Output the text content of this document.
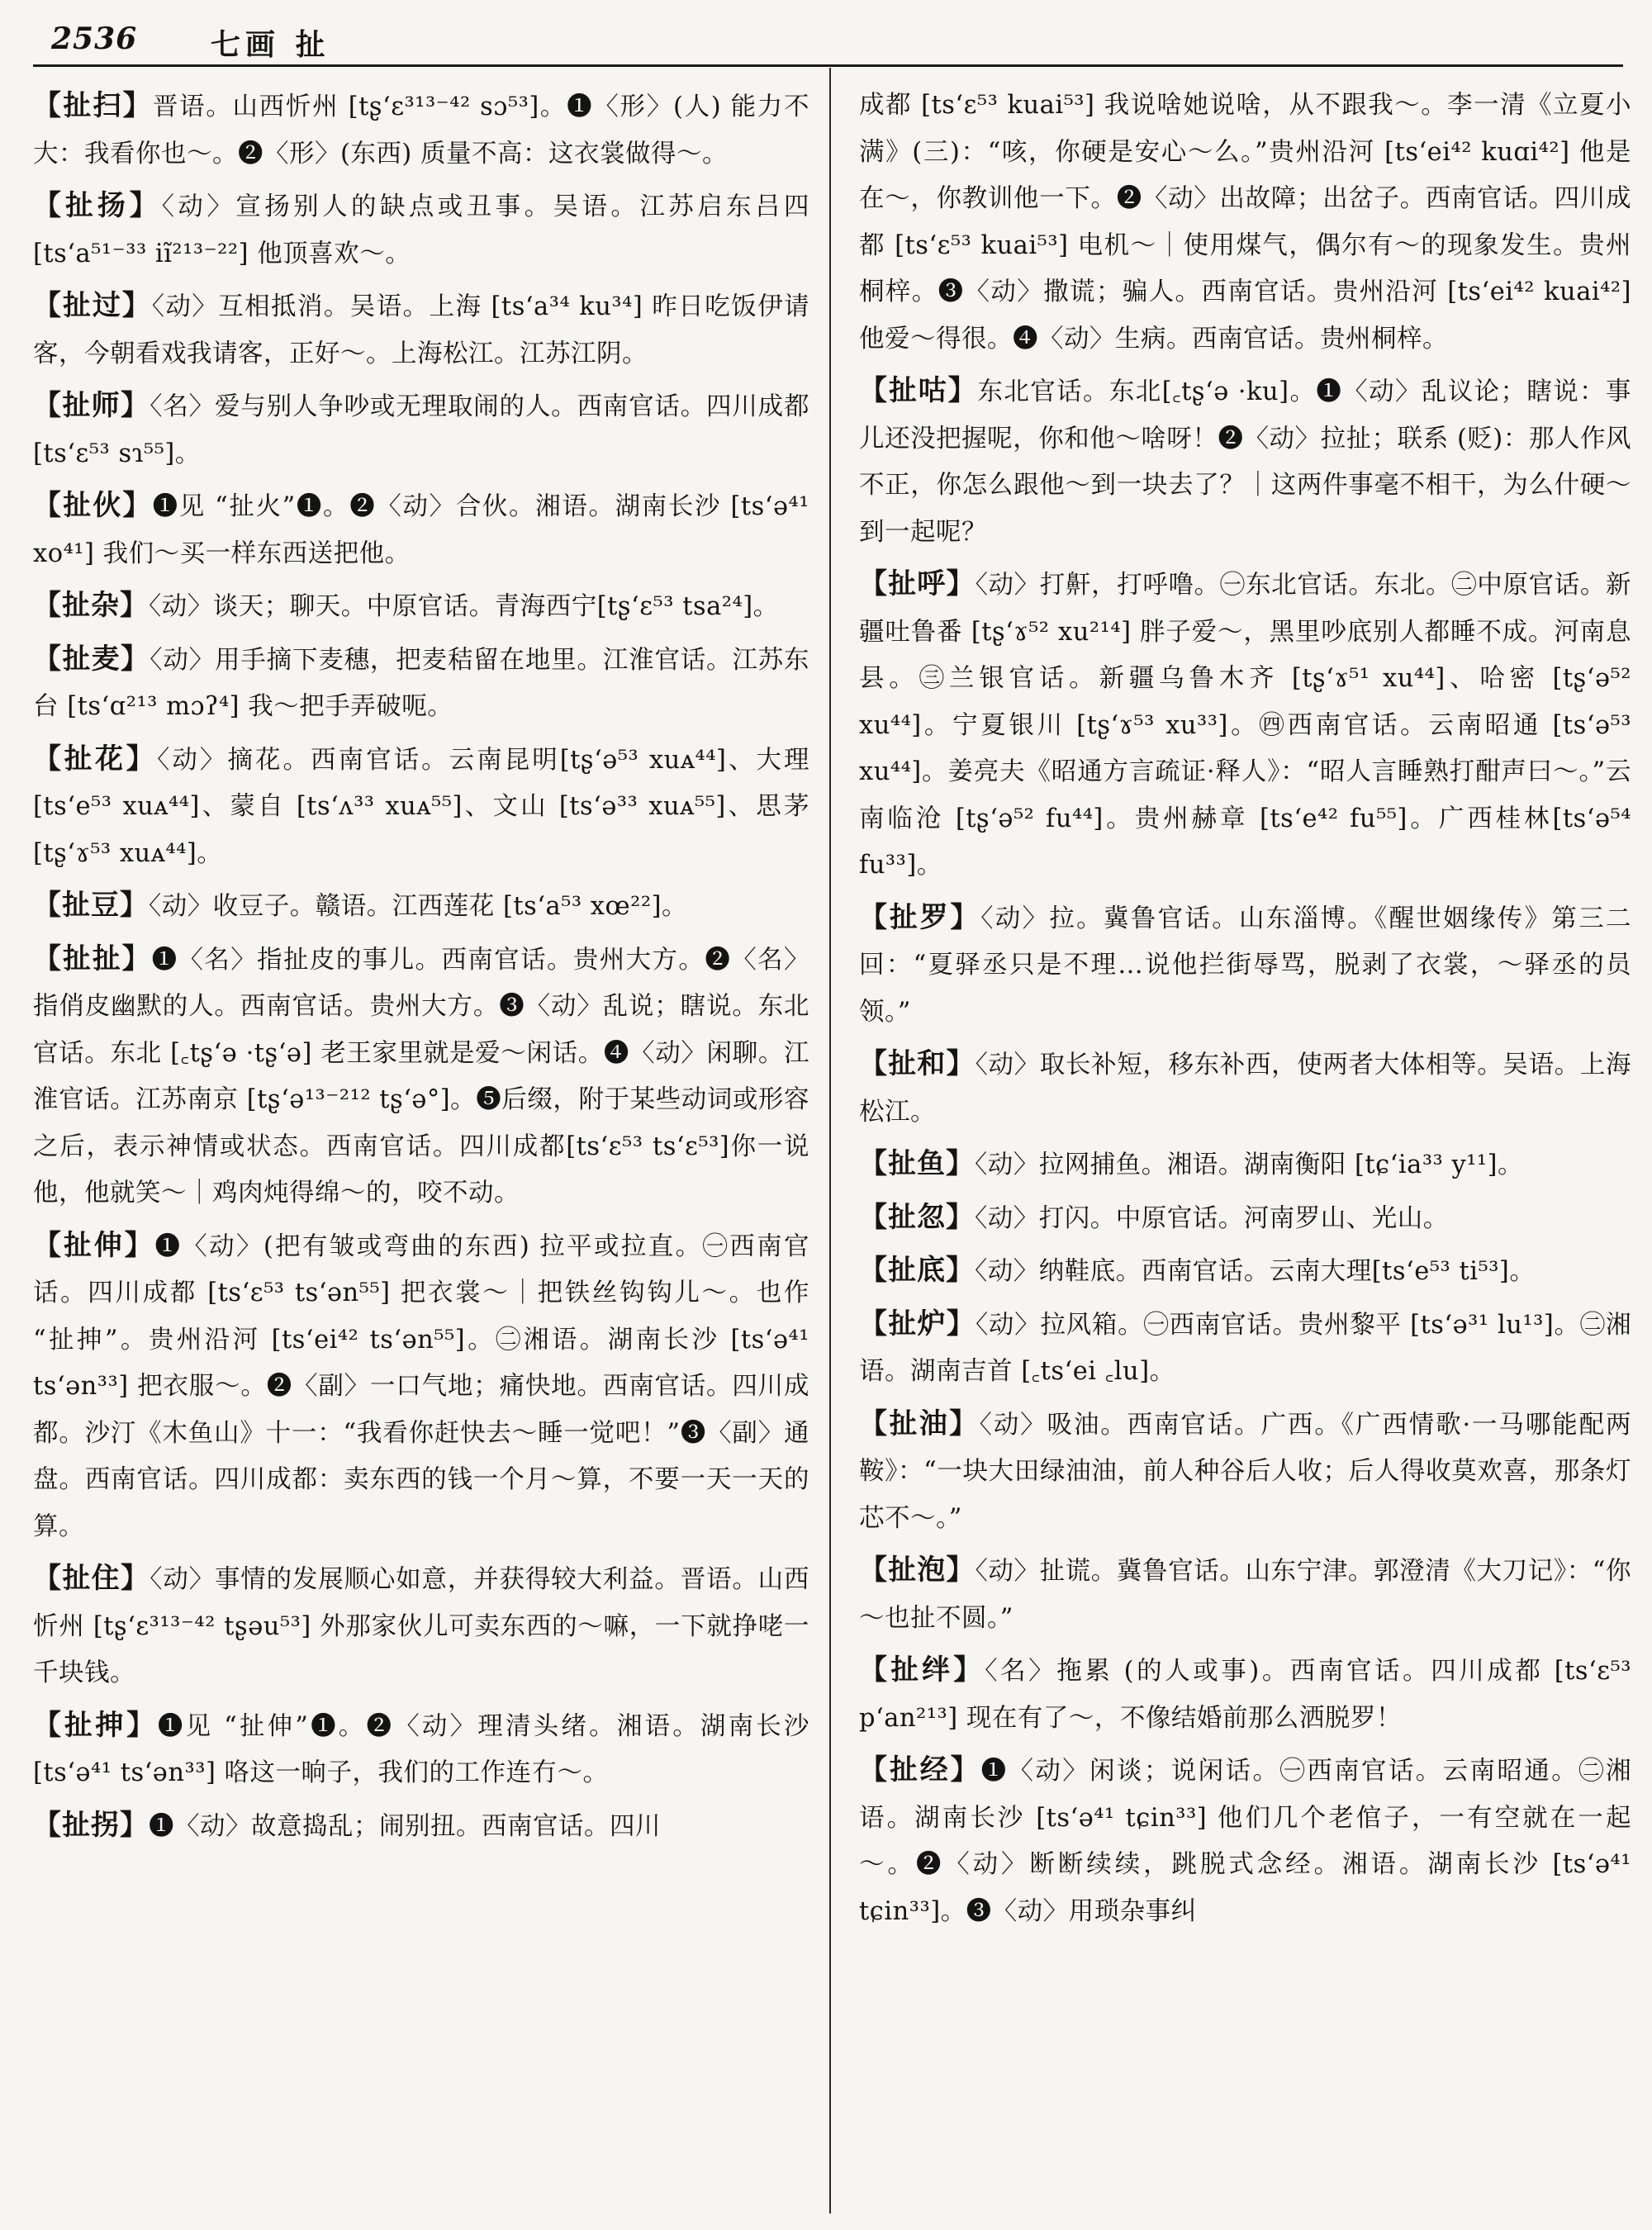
2536 七画 扯

【扯扫】晋语。山西忻州 [tʂʻɛ³¹³⁻⁴² sɔ⁵³]。❶〈形〉(人) 能力不大：我看你也～。❷〈形〉(东西) 质量不高：这衣裳做得～。

【扯扬】〈动〉宣扬别人的缺点或丑事。吴语。江苏启东吕四 [tsʻa⁵¹⁻³³ iĩ²¹³⁻²²] 他顶喜欢～。

【扯过】〈动〉互相抵消。吴语。上海 [tsʻa³⁴ ku³⁴] 昨日吃饭伊请客，今朝看戏我请客，正好～。上海松江。江苏江阴。

【扯师】〈名〉爱与别人争吵或无理取闹的人。西南官话。四川成都 [tsʻɛ⁵³ sɿ⁵⁵]。

【扯伙】❶见 “扯火”❶。❷〈动〉合伙。湘语。湖南长沙 [tsʻə⁴¹ xo⁴¹] 我们～买一样东西送把他。

【扯杂】〈动〉谈天；聊天。中原官话。青海西宁[tʂʻɛ⁵³ tsa²⁴]。

【扯麦】〈动〉用手摘下麦穗，把麦秸留在地里。江淮官话。江苏东台 [tsʻɑ²¹³ mɔʔ⁴] 我～把手弄破呃。

【扯花】〈动〉摘花。西南官话。云南昆明[tʂʻə⁵³ xuᴀ⁴⁴]、大理 [tsʻe⁵³ xuᴀ⁴⁴]、蒙自 [tsʻʌ³³ xuᴀ⁵⁵]、文山 [tsʻə³³ xuᴀ⁵⁵]、思茅 [tʂʻɤ⁵³ xuᴀ⁴⁴]。

【扯豆】〈动〉收豆子。赣语。江西莲花 [tsʻa⁵³ xœ²²]。

【扯扯】❶〈名〉指扯皮的事儿。西南官话。贵州大方。❷〈名〉指俏皮幽默的人。西南官话。贵州大方。❸〈动〉乱说；瞎说。东北官话。东北 [꜀tʂʻə ·tʂʻə] 老王家里就是爱～闲话。❹〈动〉闲聊。江淮官话。江苏南京 [tʂʻə¹³⁻²¹² tʂʻə°]。❺后缀，附于某些动词或形容之后，表示神情或状态。西南官话。四川成都[tsʻɛ⁵³ tsʻɛ⁵³]你一说他，他就笑～｜鸡肉炖得绵～的，咬不动。

【扯伸】❶〈动〉(把有皱或弯曲的东西) 拉平或拉直。㊀西南官话。四川成都 [tsʻɛ⁵³ tsʻən⁵⁵] 把衣裳～｜把铁丝钩钩儿～。也作 “扯抻”。贵州沿河 [tsʻei⁴² tsʻən⁵⁵]。㊁湘语。湖南长沙 [tsʻə⁴¹ tsʻən³³] 把衣服～。❷〈副〉一口气地；痛快地。西南官话。四川成都。沙汀《木鱼山》十一：“我看你赶快去～睡一觉吧！”❸〈副〉通盘。西南官话。四川成都：卖东西的钱一个月～算，不要一天一天的算。

【扯住】〈动〉事情的发展顺心如意，并获得较大利益。晋语。山西忻州 [tʂʻɛ³¹³⁻⁴² tʂəu⁵³] 外那家伙儿可卖东西的～嘛，一下就挣咾一千块钱。

【扯抻】❶见 “扯伸”❶。❷〈动〉理清头绪。湘语。湖南长沙 [tsʻə⁴¹ tsʻən³³] 咯这一晌子，我们的工作连冇～。

【扯拐】❶〈动〉故意捣乱；闹别扭。西南官话。四川

成都 [tsʻɛ⁵³ kuai⁵³] 我说啥她说啥，从不跟我～。李一清《立夏小满》(三)：“咳，你硬是安心～么。”贵州沿河 [tsʻei⁴² kuɑi⁴²] 他是在～，你教训他一下。❷〈动〉出故障；出岔子。西南官话。四川成都 [tsʻɛ⁵³ kuai⁵³] 电机～｜使用煤气，偶尔有～的现象发生。贵州桐梓。❸〈动〉撒谎；骗人。西南官话。贵州沿河 [tsʻei⁴² kuai⁴²] 他爱～得很。❹〈动〉生病。西南官话。贵州桐梓。

【扯咕】东北官话。东北[꜀tʂʻə ·ku]。❶〈动〉乱议论；瞎说：事儿还没把握呢，你和他～啥呀！❷〈动〉拉扯；联系 (贬)：那人作风不正，你怎么跟他～到一块去了？｜这两件事毫不相干，为么什硬～到一起呢？

【扯呼】〈动〉打鼾，打呼噜。㊀东北官话。东北。㊁中原官话。新疆吐鲁番 [tʂʻɤ⁵² xu²¹⁴] 胖子爱～，黑里吵底别人都睡不成。河南息县。㊂兰银官话。新疆乌鲁木齐 [tʂʻɤ⁵¹ xu⁴⁴]、哈密 [tʂʻə⁵² xu⁴⁴]。宁夏银川 [tʂʻɤ⁵³ xu³³]。㊃西南官话。云南昭通 [tsʻə⁵³ xu⁴⁴]。姜亮夫《昭通方言疏证·释人》：“昭人言睡熟打酣声曰～。”云南临沧 [tʂʻə⁵² fu⁴⁴]。贵州赫章 [tsʻe⁴² fu⁵⁵]。广西桂林[tsʻə⁵⁴ fu³³]。

【扯罗】〈动〉拉。冀鲁官话。山东淄博。《醒世姻缘传》第三二回：“夏驿丞只是不理…说他拦街辱骂，脱剥了衣裳，～驿丞的员领。”

【扯和】〈动〉取长补短，移东补西，使两者大体相等。吴语。上海松江。

【扯鱼】〈动〉拉网捕鱼。湘语。湖南衡阳 [tɕʻia³³ y¹¹]。

【扯忽】〈动〉打闪。中原官话。河南罗山、光山。

【扯底】〈动〉纳鞋底。西南官话。云南大理[tsʻe⁵³ ti⁵³]。

【扯炉】〈动〉拉风箱。㊀西南官话。贵州黎平 [tsʻə³¹ lu¹³]。㊁湘语。湖南吉首 [꜀tsʻei ꜀lu]。

【扯油】〈动〉吸油。西南官话。广西。《广西情歌·一马哪能配两鞍》：“一块大田绿油油，前人种谷后人收；后人得收莫欢喜，那条灯芯不～。”

【扯泡】〈动〉扯谎。冀鲁官话。山东宁津。郭澄清《大刀记》：“你～也扯不圆。”

【扯绊】〈名〉拖累 (的人或事)。西南官话。四川成都 [tsʻɛ⁵³ pʻan²¹³] 现在有了～，不像结婚前那么洒脱罗！

【扯经】❶〈动〉闲谈；说闲话。㊀西南官话。云南昭通。㊁湘语。湖南长沙 [tsʻə⁴¹ tɕin³³] 他们几个老倌子，一有空就在一起～。❷〈动〉断断续续，跳脱式念经。湘语。湖南长沙 [tsʻə⁴¹ tɕin³³]。❸〈动〉用琐杂事纠
